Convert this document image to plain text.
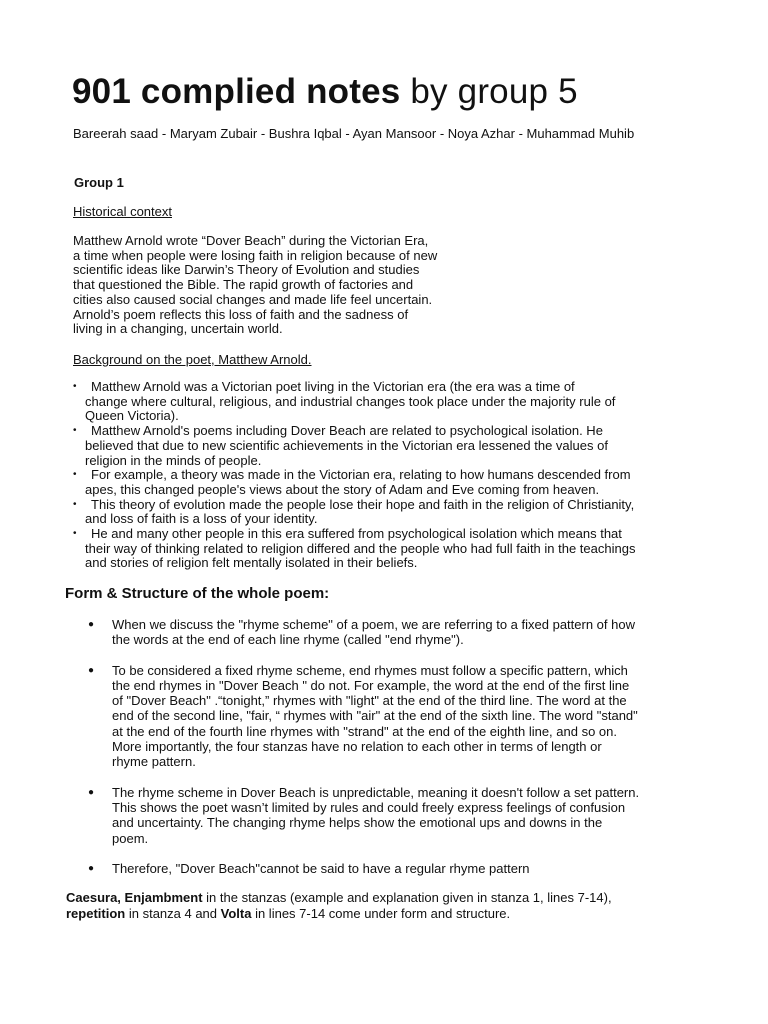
901 complied notes by group 5
Bareerah saad - Maryam Zubair - Bushra Iqbal - Ayan Mansoor - Noya Azhar - Muhammad Muhib
Group 1
Historical context
Matthew Arnold wrote “Dover Beach” during the Victorian Era,
a time when people were losing faith in religion because of new
scientific ideas like Darwin’s Theory of Evolution and studies
that questioned the Bible. The rapid growth of factories and
cities also caused social changes and made life feel uncertain.
Arnold’s poem reflects this loss of faith and the sadness of
living in a changing, uncertain world.
Background on the poet, Matthew Arnold.
• Matthew Arnold was a Victorian poet living in the Victorian era (the era was a time of
change where cultural, religious, and industrial changes took place under the majority rule of
Queen Victoria).
• Matthew Arnold's poems including Dover Beach are related to psychological isolation. He
believed that due to new scientific achievements in the Victorian era lessened the values of
religion in the minds of people.
• For example, a theory was made in the Victorian era, relating to how humans descended from
apes, this changed people's views about the story of Adam and Eve coming from heaven.
• This theory of evolution made the people lose their hope and faith in the religion of Christianity,
and loss of faith is a loss of your identity.
• He and many other people in this era suffered from psychological isolation which means that
their way of thinking related to religion differed and the people who had full faith in the teachings
and stories of religion felt mentally isolated in their beliefs.
Form & Structure of the whole poem:
● When we discuss the "rhyme scheme" of a poem, we are referring to a fixed pattern of how
the words at the end of each line rhyme (called "end rhyme").
● To be considered a fixed rhyme scheme, end rhymes must follow a specific pattern, which
the end rhymes in "Dover Beach " do not. For example, the word at the end of the first line
of "Dover Beach" .“tonight,” rhymes with "light" at the end of the third line. The word at the
end of the second line, "fair, “ rhymes with "air" at the end of the sixth line. The word "stand"
at the end of the fourth line rhymes with "strand" at the end of the eighth line, and so on.
More importantly, the four stanzas have no relation to each other in terms of length or
rhyme pattern.
● The rhyme scheme in Dover Beach is unpredictable, meaning it doesn't follow a set pattern.
This shows the poet wasn’t limited by rules and could freely express feelings of confusion
and uncertainty. The changing rhyme helps show the emotional ups and downs in the
poem.
● Therefore, "Dover Beach"cannot be said to have a regular rhyme pattern
Caesura, Enjambment in the stanzas (example and explanation given in stanza 1, lines 7-14),
repetition in stanza 4 and Volta in lines 7-14 come under form and structure.
